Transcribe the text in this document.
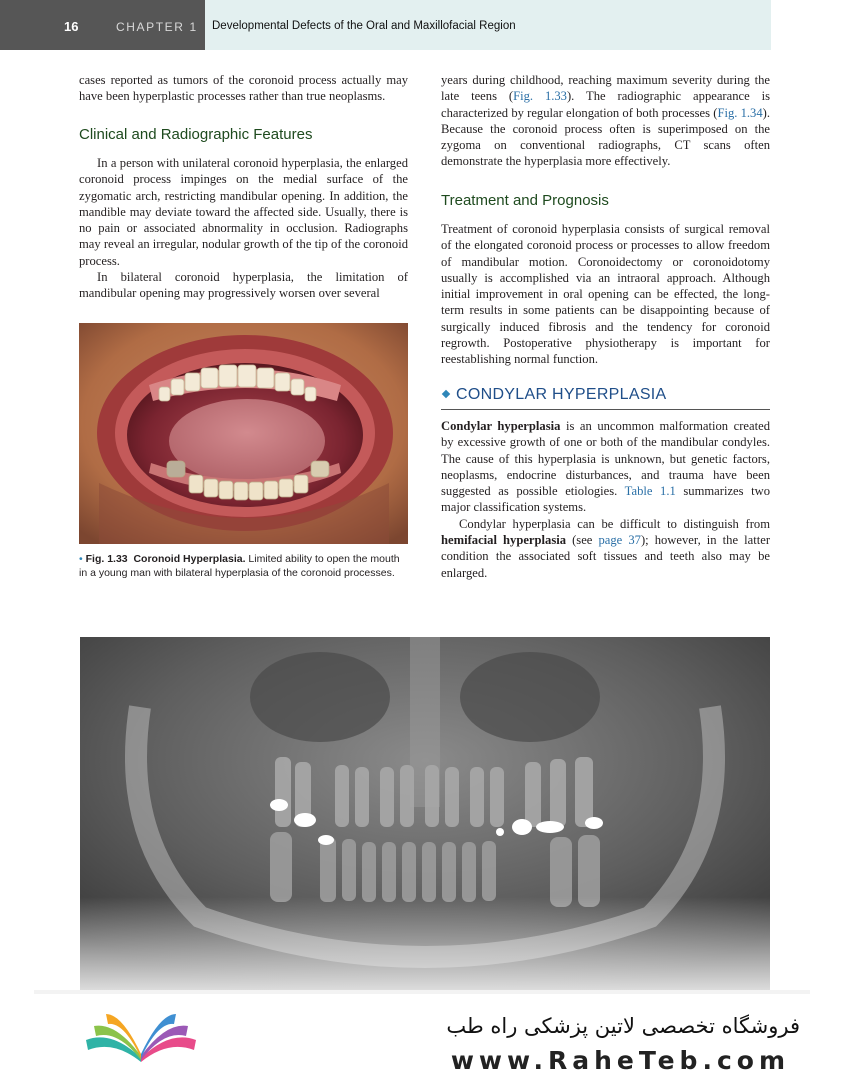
16	CHAPTER 1 Developmental Defects of the Oral and Maxillofacial Region

cases reported as tumors of the coronoid process actually may have been hyperplastic processes rather than true neoplasms.

Clinical and Radiographic Features

In a person with unilateral coronoid hyperplasia, the enlarged coronoid process impinges on the medial surface of the zygomatic arch, restricting mandibular opening. In addition, the mandible may deviate toward the affected side. Usually, there is no pain or associated abnormality in occlusion. Radiographs may reveal an irregular, nodular growth of the tip of the coronoid process.

In bilateral coronoid hyperplasia, the limitation of mandibular opening may progressively worsen over several

• Fig. 1.33 Coronoid Hyperplasia. Limited ability to open the mouth in a young man with bilateral hyperplasia of the coronoid processes.

years during childhood, reaching maximum severity during the late teens (Fig. 1.33). The radiographic appearance is characterized by regular elongation of both processes (Fig. 1.34). Because the coronoid process often is superimposed on the zygoma on conventional radiographs, CT scans often demonstrate the hyperplasia more effectively.

Treatment and Prognosis

Treatment of coronoid hyperplasia consists of surgical removal of the elongated coronoid process or processes to allow freedom of mandibular motion. Coronoidectomy or coronoidotomy usually is accomplished via an intraoral approach. Although initial improvement in oral opening can be effected, the long-term results in some patients can be disappointing because of surgically induced fibrosis and the tendency for coronoid regrowth. Postoperative physiotherapy is important for reestablishing normal function.

CONDYLAR HYPERPLASIA

Condylar hyperplasia is an uncommon malformation created by excessive growth of one or both of the mandibular condyles. The cause of this hyperplasia is unknown, but genetic factors, neoplasms, endocrine disturbances, and trauma have been suggested as possible etiologies. Table 1.1 summarizes two major classification systems.

Condylar hyperplasia can be difficult to distinguish from hemifacial hyperplasia (see page 37); however, in the latter condition the associated soft tissues and teeth also may be enlarged.

فروشگاه تخصصی لاتین پزشکی راه طب
www.RaheTeb.com
